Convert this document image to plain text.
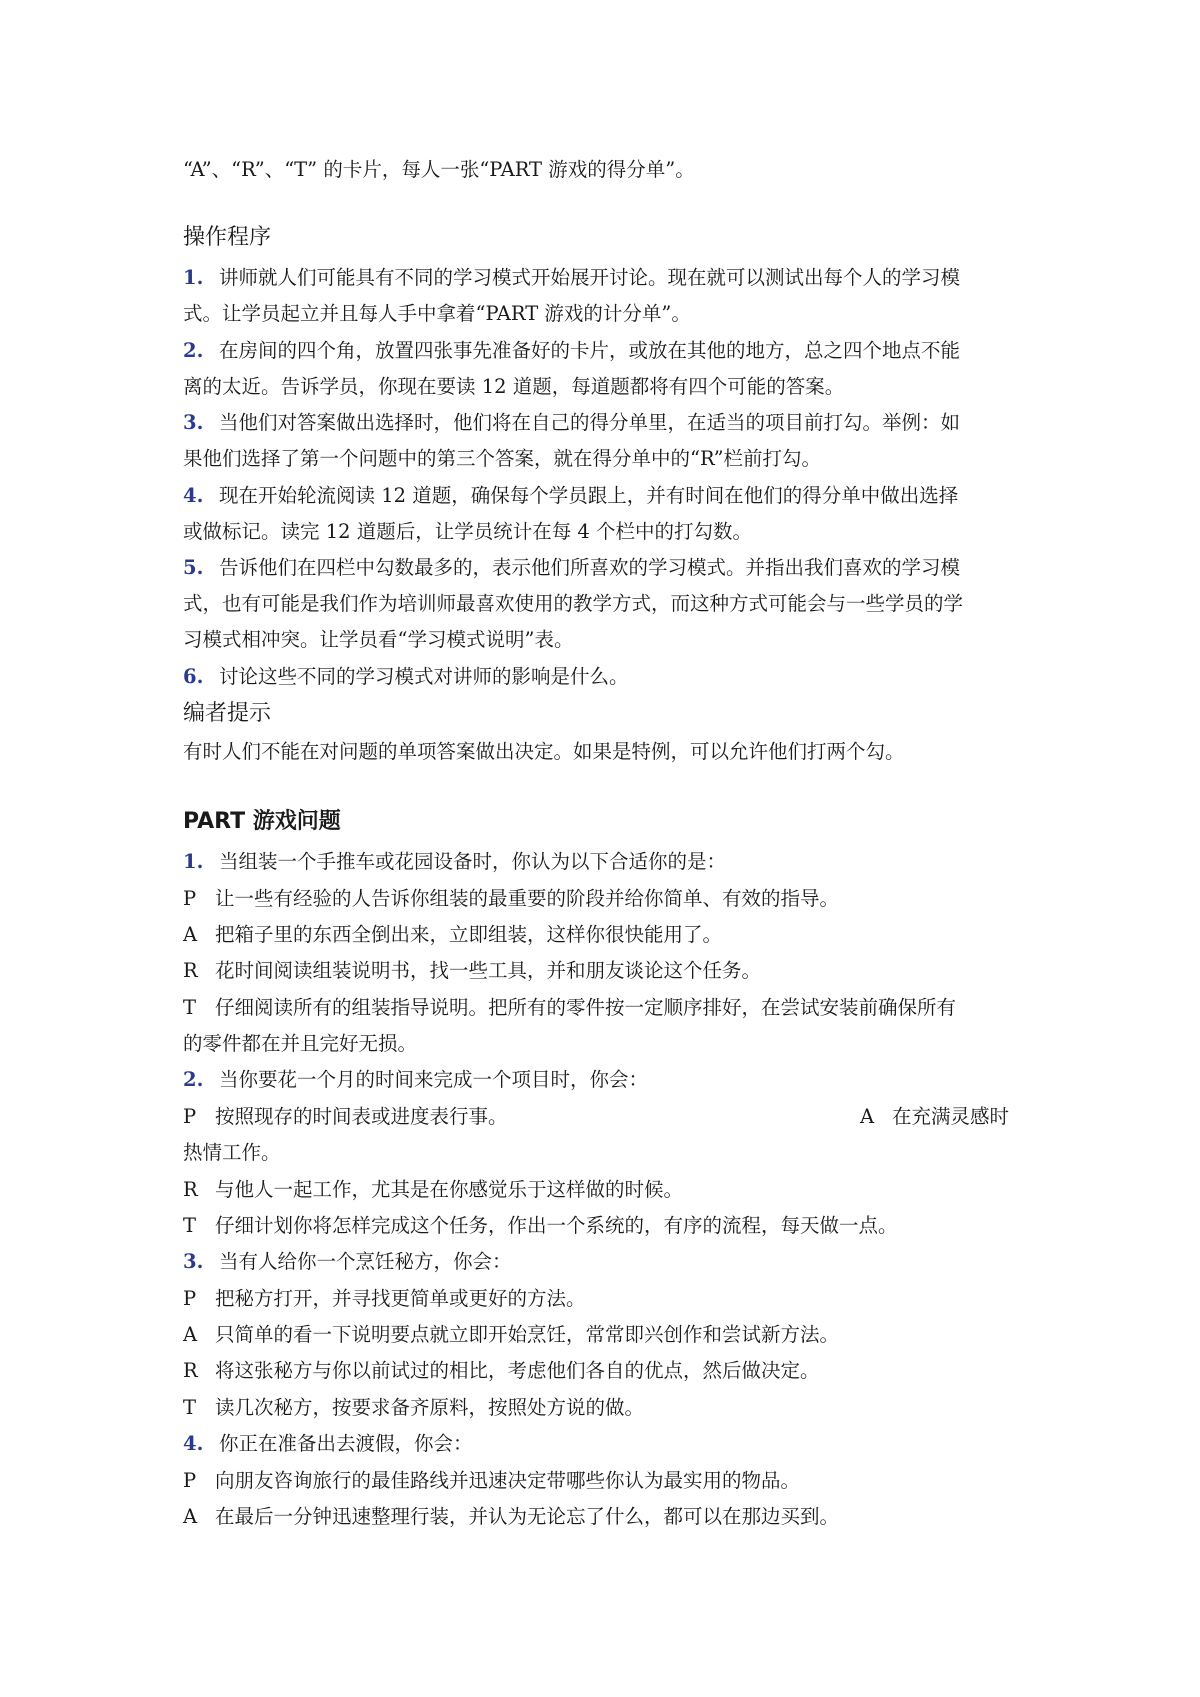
“A”、“R”、“T” 的卡片，每人一张“PART 游戏的得分单”。
操作程序
1. 讲师就人们可能具有不同的学习模式开始展开讨论。现在就可以测试出每个人的学习模
式。让学员起立并且每人手中拿着“PART 游戏的计分单”。
2. 在房间的四个角，放置四张事先准备好的卡片，或放在其他的地方，总之四个地点不能
离的太近。告诉学员，你现在要读 12 道题，每道题都将有四个可能的答案。
3. 当他们对答案做出选择时，他们将在自己的得分单里，在适当的项目前打勾。举例：如
果他们选择了第一个问题中的第三个答案，就在得分单中的“R”栏前打勾。
4. 现在开始轮流阅读 12 道题，确保每个学员跟上，并有时间在他们的得分单中做出选择
或做标记。读完 12 道题后，让学员统计在每 4 个栏中的打勾数。
5. 告诉他们在四栏中勾数最多的，表示他们所喜欢的学习模式。并指出我们喜欢的学习模
式，也有可能是我们作为培训师最喜欢使用的教学方式，而这种方式可能会与一些学员的学
习模式相冲突。让学员看“学习模式说明”表。
6. 讨论这些不同的学习模式对讲师的影响是什么。
编者提示
有时人们不能在对问题的单项答案做出决定。如果是特例，可以允许他们打两个勾。
PART 游戏问题
1. 当组装一个手推车或花园设备时，你认为以下合适你的是：
P 让一些有经验的人告诉你组装的最重要的阶段并给你简单、有效的指导。
A 把箱子里的东西全倒出来，立即组装，这样你很快能用了。
R 花时间阅读组装说明书，找一些工具，并和朋友谈论这个任务。
T 仔细阅读所有的组装指导说明。把所有的零件按一定顺序排好，在尝试安装前确保所有
的零件都在并且完好无损。
2. 当你要花一个月的时间来完成一个项目时，你会：
P 按照现存的时间表或进度表行事。	A 在充满灵感时
热情工作。
R 与他人一起工作，尤其是在你感觉乐于这样做的时候。
T 仔细计划你将怎样完成这个任务，作出一个系统的，有序的流程，每天做一点。
3. 当有人给你一个烹饪秘方，你会：
P 把秘方打开，并寻找更简单或更好的方法。
A 只简单的看一下说明要点就立即开始烹饪，常常即兴创作和尝试新方法。
R 将这张秘方与你以前试过的相比，考虑他们各自的优点，然后做决定。
T 读几次秘方，按要求备齐原料，按照处方说的做。
4. 你正在准备出去渡假，你会：
P 向朋友咨询旅行的最佳路线并迅速决定带哪些你认为最实用的物品。
A 在最后一分钟迅速整理行装，并认为无论忘了什么，都可以在那边买到。
